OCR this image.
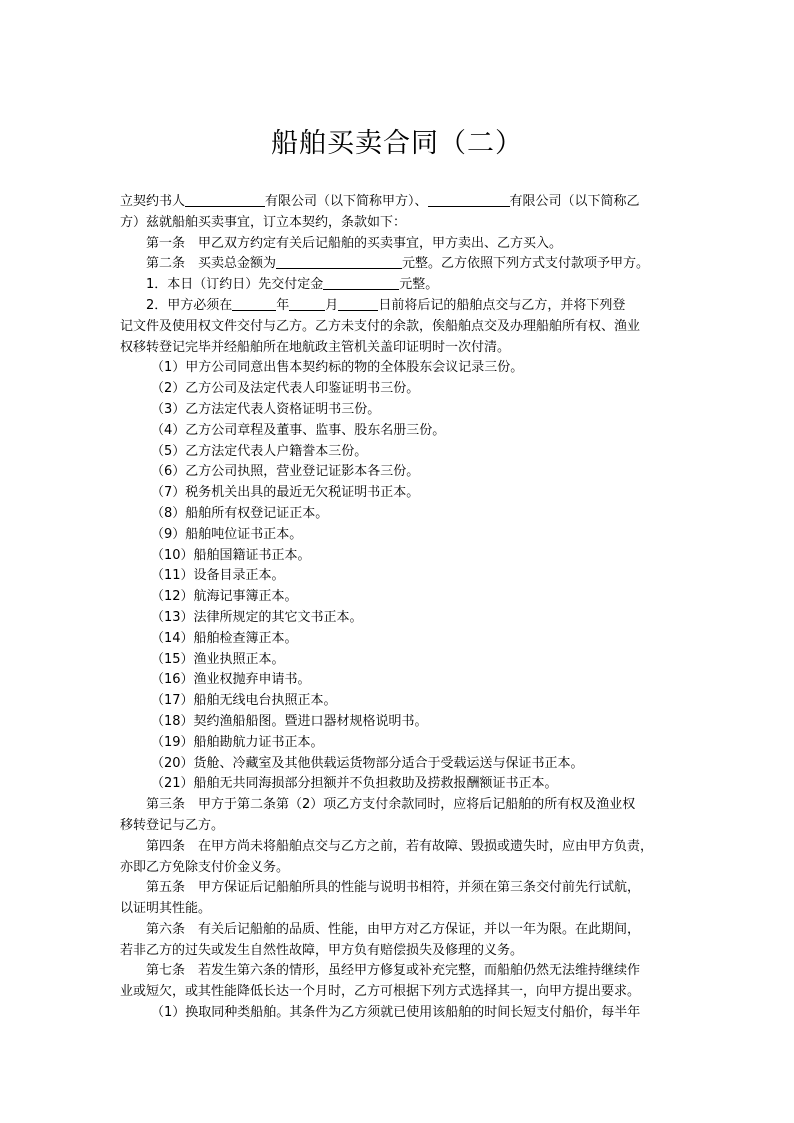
船舶买卖合同（二）
立契约书人	有限公司（以下简称甲方）、	有限公司（以下简称乙
方）兹就船舶买卖事宜，订立本契约，条款如下：
第一条　甲乙双方约定有关后记船舶的买卖事宜，甲方卖出、乙方买入。
第二条　买卖总金额为	元整。乙方依照下列方式支付款项予甲方。
1．本日（订约日）先交付定金	元整。
2．甲方必须在	年	月	日前将后记的船舶点交与乙方，并将下列登
记文件及使用权文件交付与乙方。乙方未支付的余款，俟船舶点交及办理船舶所有权、渔业
权移转登记完毕并经船舶所在地航政主管机关盖印证明时一次付清。
（1）甲方公司同意出售本契约标的物的全体股东会议记录三份。
（2）乙方公司及法定代表人印鉴证明书三份。
（3）乙方法定代表人资格证明书三份。
（4）乙方公司章程及董事、监事、股东名册三份。
（5）乙方法定代表人户籍誊本三份。
（6）乙方公司执照，营业登记证影本各三份。
（7）税务机关出具的最近无欠税证明书正本。
（8）船舶所有权登记证正本。
（9）船舶吨位证书正本。
（10）船舶国籍证书正本。
（11）设备目录正本。
（12）航海记事簿正本。
（13）法律所规定的其它文书正本。
（14）船舶检查簿正本。
（15）渔业执照正本。
（16）渔业权抛弃申请书。
（17）船舶无线电台执照正本。
（18）契约渔船船图。暨进口器材规格说明书。
（19）船舶勘航力证书正本。
（20）货舱、冷藏室及其他供载运货物部分适合于受载运送与保证书正本。
（21）船舶无共同海损部分担额并不负担救助及捞救报酬额证书正本。
第三条　甲方于第二条第（2）项乙方支付余款同时，应将后记船舶的所有权及渔业权
移转登记与乙方。
第四条　在甲方尚未将船舶点交与乙方之前，若有故障、毁损或遗失时，应由甲方负责，
亦即乙方免除支付价金义务。
第五条　甲方保证后记船舶所具的性能与说明书相符，并须在第三条交付前先行试航，
以证明其性能。
第六条　有关后记船舶的品质、性能，由甲方对乙方保证，并以一年为限。在此期间，
若非乙方的过失或发生自然性故障，甲方负有赔偿损失及修理的义务。
第七条　若发生第六条的情形，虽经甲方修复或补充完整，而船舶仍然无法维持继续作
业或短欠，或其性能降低长达一个月时，乙方可根据下列方式选择其一，向甲方提出要求。
（1）换取同种类船舶。其条件为乙方须就已使用该船舶的时间长短支付船价，每半年
